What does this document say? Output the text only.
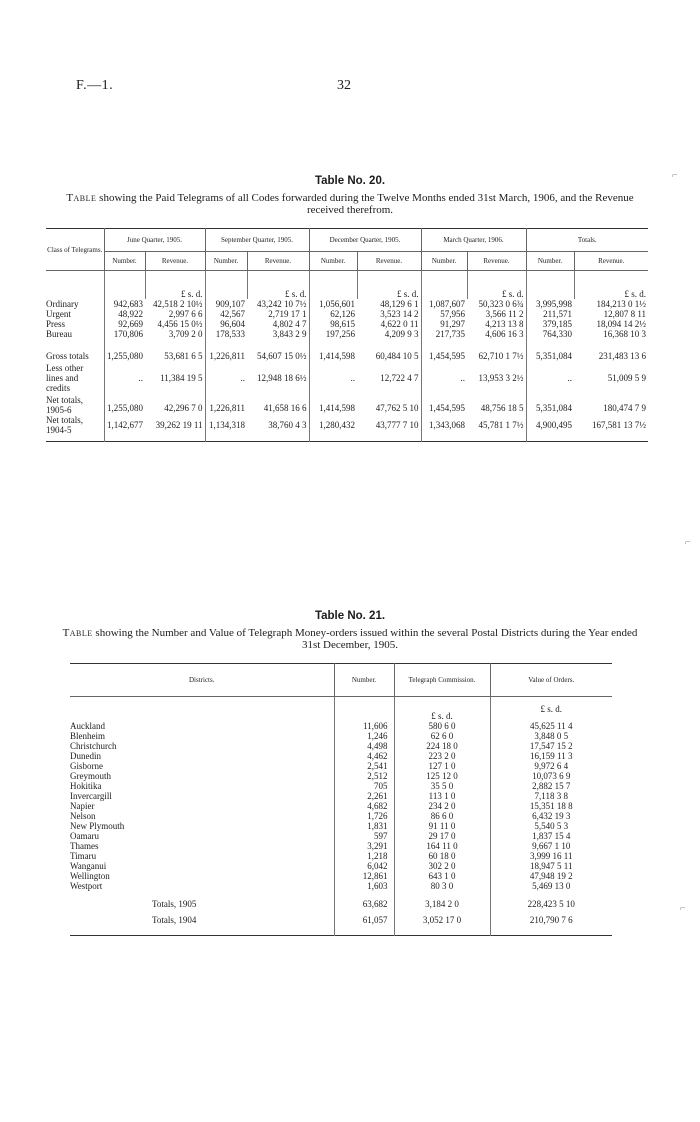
F.—1.	32
Table No. 20.
Table showing the Paid Telegrams of all Codes forwarded during the Twelve Months ended 31st March, 1906, and the Revenue received therefrom.
Class of Telegrams.	June Quarter, 1905.		September Quarter, 1905.		December Quarter, 1905.		March Quarter, 1906.		Totals.	
	Number.	Revenue.	Number.	Revenue.	Number.	Revenue.	Number.	Revenue.	Number.	Revenue.
		£ s. d.		£ s. d.		£ s. d.		£ s. d.		£ s. d.
Ordinary	942,683	42,518 2 10½	909,107	43,242 10 7½	1,056,601	48,129 6 1	1,087,607	50,323 0 6¾	3,995,998	184,213 0 1½
Urgent	48,922	2,997 6 6	42,567	2,719 17 1	62,126	3,523 14 2	57,956	3,566 11 2	211,571	12,807 8 11
Press	92,669	4,456 15 0½	96,604	4,802 4 7	98,615	4,622 0 11	91,297	4,213 13 8	379,185	18,094 14 2½
Bureau	170,806	3,709 2 0	178,533	3,843 2 9	197,256	4,209 9 3	217,735	4,606 16 3	764,330	16,368 10 3
Gross totals	1,255,080	53,681 6 5	1,226,811	54,607 15 0½	1,414,598	60,484 10 5	1,454,595	62,710 1 7½	5,351,084	231,483 13 6
Less other lines and credits	..	11,384 19 5	..	12,948 18 6½	..	12,722 4 7	..	13,953 3 2½	..	51,009 5 9
Net totals, 1905-6	1,255,080	42,296 7 0	1,226,811	41,658 16 6	1,414,598	47,762 5 10	1,454,595	48,756 18 5	5,351,084	180,474 7 9
Net totals, 1904-5	1,142,677	39,262 19 11	1,134,318	38,760 4 3	1,280,432	43,777 7 10	1,343,068	45,781 1 7½	4,900,495	167,581 13 7½
Table No. 21.
Table showing the Number and Value of Telegraph Money-orders issued within the several Postal Districts during the Year ended 31st December, 1905.
Districts.	Number.	Telegraph Commission.	Value of Orders.
		£ s. d.	£ s. d.
Auckland	11,606	580 6 0	45,625 11 4
Blenheim	1,246	62 6 0	3,848 0 5
Christchurch	4,498	224 18 0	17,547 15 2
Dunedin	4,462	223 2 0	16,159 11 3
Gisborne	2,541	127 1 0	9,972 6 4
Greymouth	2,512	125 12 0	10,073 6 9
Hokitika	705	35 5 0	2,882 15 7
Invercargill	2,261	113 1 0	7,118 3 8
Napier	4,682	234 2 0	15,351 18 8
Nelson	1,726	86 6 0	6,432 19 3
New Plymouth	1,831	91 11 0	5,540 5 3
Oamaru	597	29 17 0	1,837 15 4
Thames	3,291	164 11 0	9,667 1 10
Timaru	1,218	60 18 0	3,999 16 11
Wanganui	6,042	302 2 0	18,947 5 11
Wellington	12,861	643 1 0	47,948 19 2
Westport	1,603	80 3 0	5,469 13 0
Totals, 1905	63,682	3,184 2 0	228,423 5 10
Totals, 1904	61,057	3,052 17 0	210,790 7 6
⌐
⌐
⌐
